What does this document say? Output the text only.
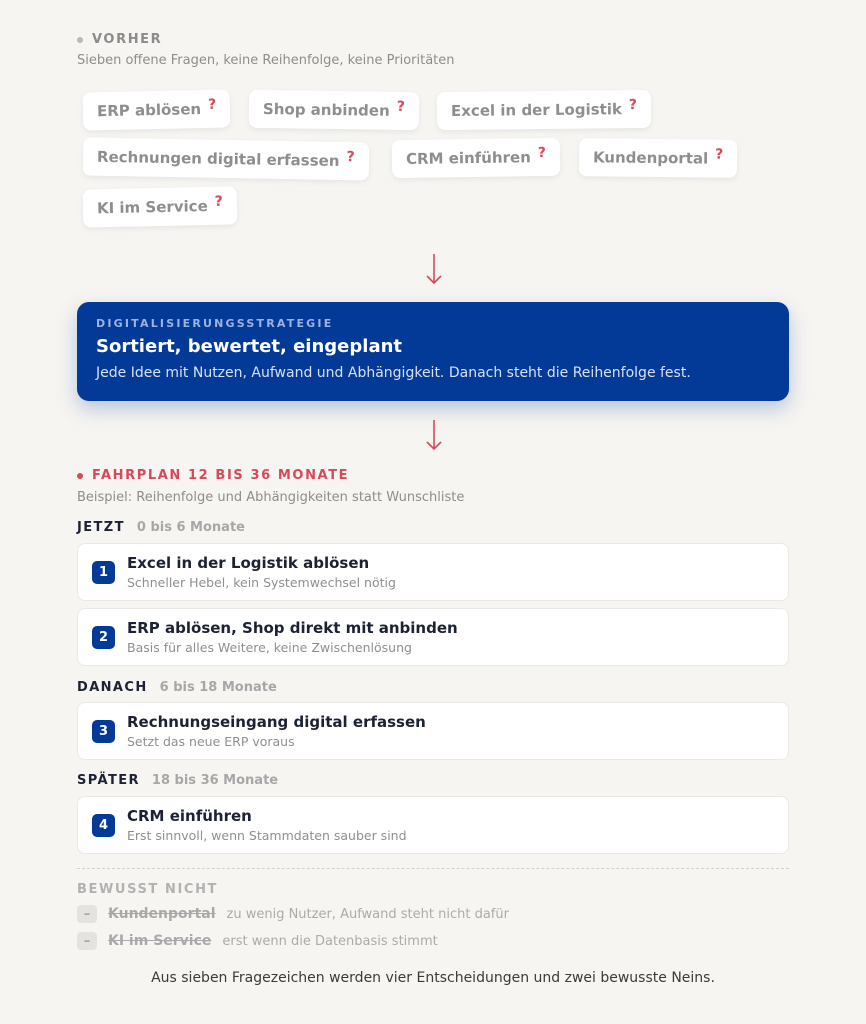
VORHER
Sieben offene Fragen, keine Reihenfolge, keine Prioritäten
ERP ablösen ?	Shop anbinden ?	Excel in der Logistik ?
Rechnungen digital erfassen ?	CRM einführen ?	Kundenportal ?
KI im Service ?
DIGITALISIERUNGSSTRATEGIE
Sortiert, bewertet, eingeplant
Jede Idee mit Nutzen, Aufwand und Abhängigkeit. Danach steht die Reihenfolge fest.
FAHRPLAN 12 BIS 36 MONATE
Beispiel: Reihenfolge und Abhängigkeiten statt Wunschliste
JETZT 0 bis 6 Monate
1	Excel in der Logistik ablösen
Schneller Hebel, kein Systemwechsel nötig
2	ERP ablösen, Shop direkt mit anbinden
Basis für alles Weitere, keine Zwischenlösung
DANACH 6 bis 18 Monate
3	Rechnungseingang digital erfassen
Setzt das neue ERP voraus
SPÄTER 18 bis 36 Monate
4	CRM einführen
Erst sinnvoll, wenn Stammdaten sauber sind
BEWUSST NICHT
–	Kundenportal zu wenig Nutzer, Aufwand steht nicht dafür
–	KI im Service erst wenn die Datenbasis stimmt
Aus sieben Fragezeichen werden vier Entscheidungen und zwei bewusste Neins.
